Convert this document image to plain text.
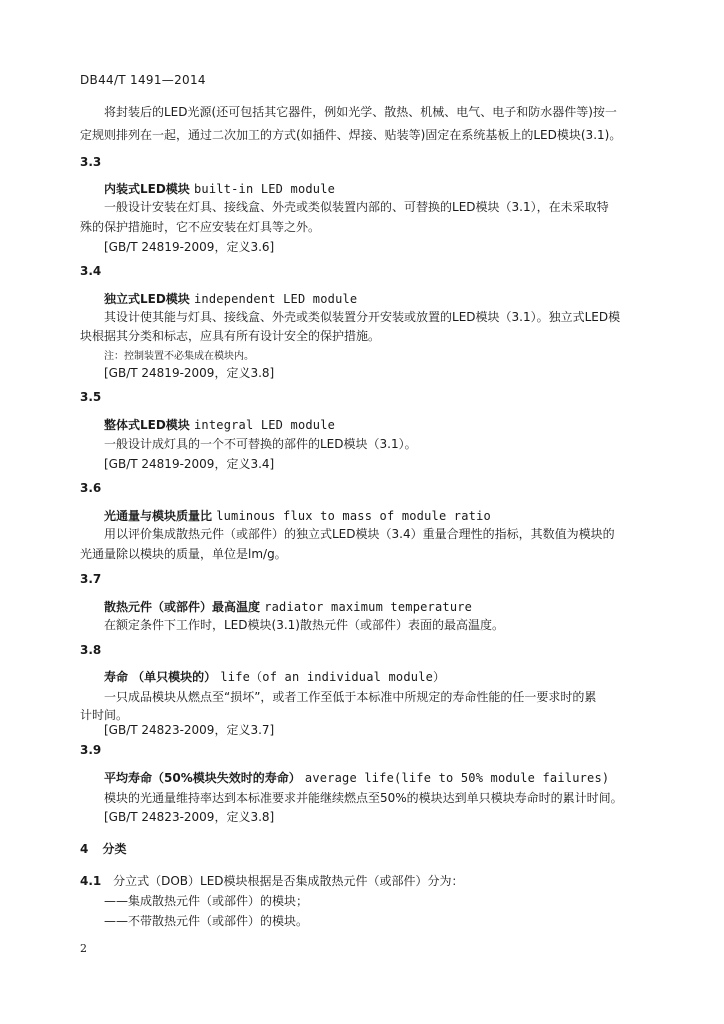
DB44/T 1491—2014
将封装后的LED光源(还可包括其它器件，例如光学、散热、机械、电气、电子和防水器件等)按一
定规则排列在一起，通过二次加工的方式(如插件、焊接、贴装等)固定在系统基板上的LED模块(3.1)。
3.3
内装式LED模块 built-in LED module
一般设计安装在灯具、接线盒、外壳或类似装置内部的、可替换的LED模块（3.1），在未采取特
殊的保护措施时，它不应安装在灯具等之外。
[GB/T 24819-2009，定义3.6]
3.4
独立式LED模块 independent LED module
其设计使其能与灯具、接线盒、外壳或类似装置分开安装或放置的LED模块（3.1）。独立式LED模
块根据其分类和标志，应具有所有设计安全的保护措施。
注：控制装置不必集成在模块内。
[GB/T 24819-2009，定义3.8]
3.5
整体式LED模块 integral LED module
一般设计成灯具的一个不可替换的部件的LED模块（3.1）。
[GB/T 24819-2009，定义3.4]
3.6
光通量与模块质量比 luminous flux to mass of module ratio
用以评价集成散热元件（或部件）的独立式LED模块（3.4）重量合理性的指标，其数值为模块的
光通量除以模块的质量，单位是lm/g。
3.7
散热元件（或部件）最高温度 radiator maximum temperature
在额定条件下工作时，LED模块(3.1)散热元件（或部件）表面的最高温度。
3.8
寿命 （单只模块的） life（of an individual module）
一只成品模块从燃点至“损坏”，或者工作至低于本标准中所规定的寿命性能的任一要求时的累
计时间。
[GB/T 24823-2009，定义3.7]
3.9
平均寿命（50%模块失效时的寿命） average life(life to 50% module failures)
模块的光通量维持率达到本标准要求并能继续燃点至50%的模块达到单只模块寿命时的累计时间。
[GB/T 24823-2009，定义3.8]
4 分类
4.1 分立式（DOB）LED模块根据是否集成散热元件（或部件）分为：
——集成散热元件（或部件）的模块；
——不带散热元件（或部件）的模块。
2
